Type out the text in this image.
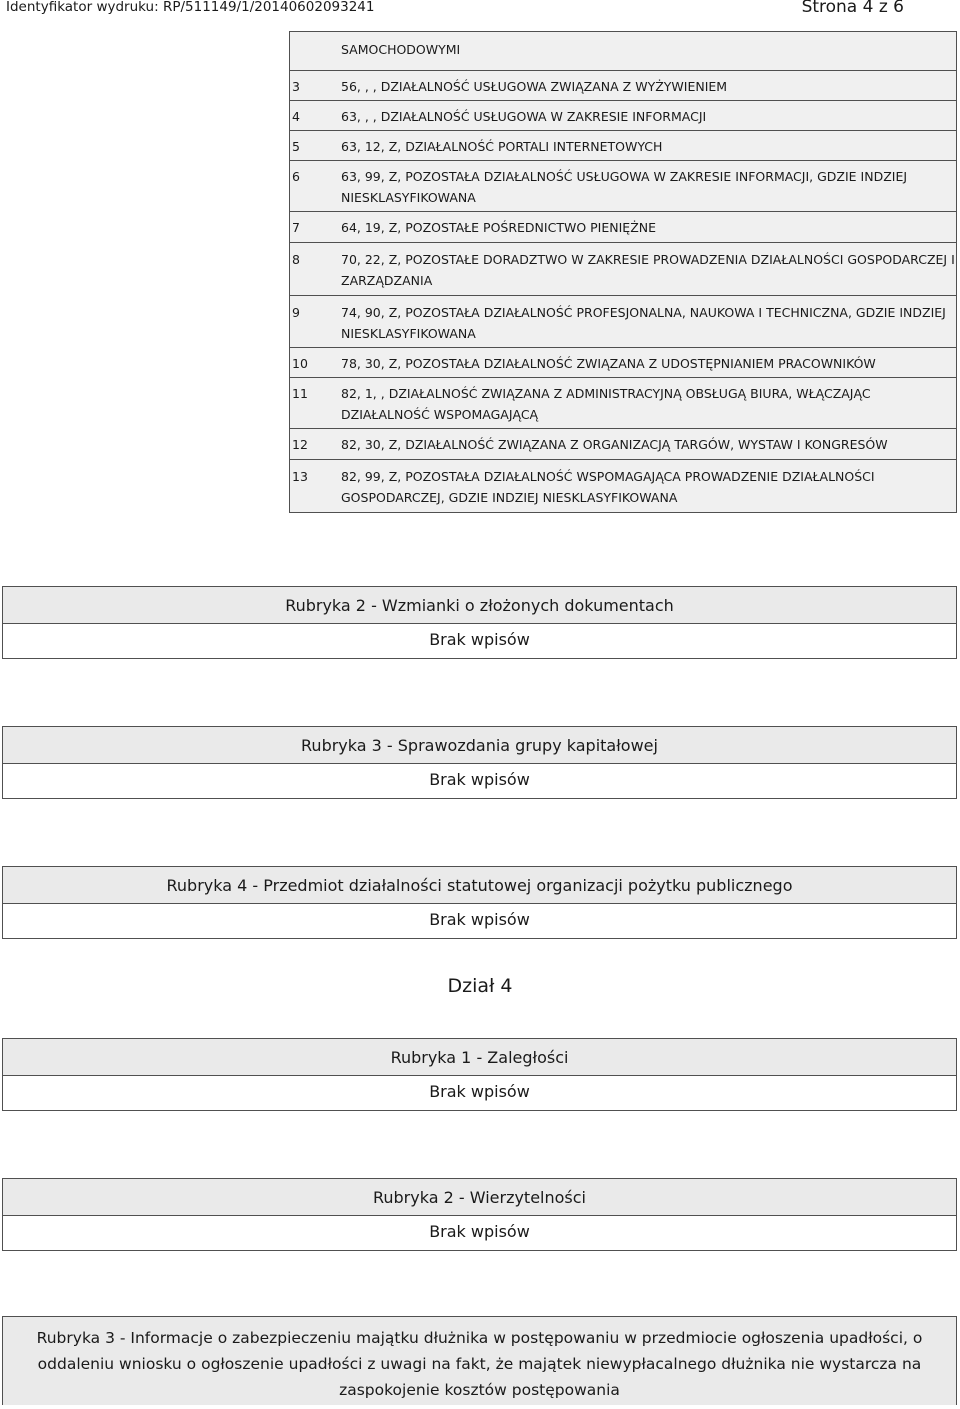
Identyfikator wydruku: RP/511149/1/20140602093241	Strona 4 z 6
SAMOCHODOWYMI
3	56, , , DZIAŁALNOŚĆ USŁUGOWA ZWIĄZANA Z WYŻYWIENIEM
4	63, , , DZIAŁALNOŚĆ USŁUGOWA W ZAKRESIE INFORMACJI
5	63, 12, Z, DZIAŁALNOŚĆ PORTALI INTERNETOWYCH
6	63, 99, Z, POZOSTAŁA DZIAŁALNOŚĆ USŁUGOWA W ZAKRESIE INFORMACJI, GDZIE INDZIEJ NIESKLASYFIKOWANA
7	64, 19, Z, POZOSTAŁE POŚREDNICTWO PIENIĘŻNE
8	70, 22, Z, POZOSTAŁE DORADZTWO W ZAKRESIE PROWADZENIA DZIAŁALNOŚCI GOSPODARCZEJ I ZARZĄDZANIA
9	74, 90, Z, POZOSTAŁA DZIAŁALNOŚĆ PROFESJONALNA, NAUKOWA I TECHNICZNA, GDZIE INDZIEJ NIESKLASYFIKOWANA
10	78, 30, Z, POZOSTAŁA DZIAŁALNOŚĆ ZWIĄZANA Z UDOSTĘPNIANIEM PRACOWNIKÓW
11	82, 1, , DZIAŁALNOŚĆ ZWIĄZANA Z ADMINISTRACYJNĄ OBSŁUGĄ BIURA, WŁĄCZAJĄC DZIAŁALNOŚĆ WSPOMAGAJĄCĄ
12	82, 30, Z, DZIAŁALNOŚĆ ZWIĄZANA Z ORGANIZACJĄ TARGÓW, WYSTAW I KONGRESÓW
13	82, 99, Z, POZOSTAŁA DZIAŁALNOŚĆ WSPOMAGAJĄCA PROWADZENIE DZIAŁALNOŚCI GOSPODARCZEJ, GDZIE INDZIEJ NIESKLASYFIKOWANA
Rubryka 2 - Wzmianki o złożonych dokumentach
Brak wpisów
Rubryka 3 - Sprawozdania grupy kapitałowej
Brak wpisów
Rubryka 4 - Przedmiot działalności statutowej organizacji pożytku publicznego
Brak wpisów
Dział 4
Rubryka 1 - Zaległości
Brak wpisów
Rubryka 2 - Wierzytelności
Brak wpisów
Rubryka 3 - Informacje o zabezpieczeniu majątku dłużnika w postępowaniu w przedmiocie ogłoszenia upadłości, o oddaleniu wniosku o ogłoszenie upadłości z uwagi na fakt, że majątek niewypłacalnego dłużnika nie wystarcza na zaspokojenie kosztów postępowania
